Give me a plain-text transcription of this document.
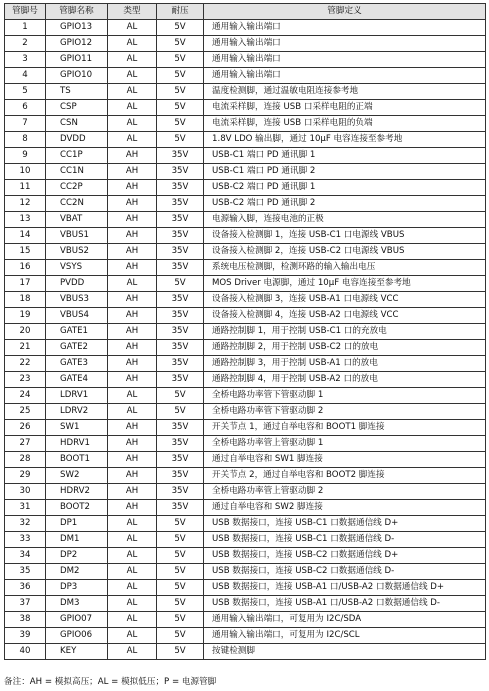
管脚号	管脚名称	类型	耐压	管脚定义
1	GPIO13	AL	5V	通用输入输出端口
2	GPIO12	AL	5V	通用输入输出端口
3	GPIO11	AL	5V	通用输入输出端口
4	GPIO10	AL	5V	通用输入输出端口
5	TS	AL	5V	温度检测脚，通过温敏电阻连接参考地
6	CSP	AL	5V	电流采样脚，连接 USB 口采样电阻的正端
7	CSN	AL	5V	电流采样脚，连接 USB 口采样电阻的负端
8	DVDD	AL	5V	1.8V LDO 输出脚，通过 10μF 电容连接至参考地
9	CC1P	AH	35V	USB-C1 端口 PD 通讯脚 1
10	CC1N	AH	35V	USB-C1 端口 PD 通讯脚 2
11	CC2P	AH	35V	USB-C2 端口 PD 通讯脚 1
12	CC2N	AH	35V	USB-C2 端口 PD 通讯脚 2
13	VBAT	AH	35V	电源输入脚，连接电池的正极
14	VBUS1	AH	35V	设备接入检测脚 1，连接 USB-C1 口电源线 VBUS
15	VBUS2	AH	35V	设备接入检测脚 2，连接 USB-C2 口电源线 VBUS
16	VSYS	AH	35V	系统电压检测脚，检测环路的输入输出电压
17	PVDD	AL	5V	MOS Driver 电源脚，通过 10μF 电容连接至参考地
18	VBUS3	AH	35V	设备接入检测脚 3，连接 USB-A1 口电源线 VCC
19	VBUS4	AH	35V	设备接入检测脚 4，连接 USB-A2 口电源线 VCC
20	GATE1	AH	35V	通路控制脚 1，用于控制 USB-C1 口的充放电
21	GATE2	AH	35V	通路控制脚 2，用于控制 USB-C2 口的放电
22	GATE3	AH	35V	通路控制脚 3，用于控制 USB-A1 口的放电
23	GATE4	AH	35V	通路控制脚 4，用于控制 USB-A2 口的放电
24	LDRV1	AL	5V	全桥电路功率管下管驱动脚 1
25	LDRV2	AL	5V	全桥电路功率管下管驱动脚 2
26	SW1	AH	35V	开关节点 1，通过自举电容和 BOOT1 脚连接
27	HDRV1	AH	35V	全桥电路功率管上管驱动脚 1
28	BOOT1	AH	35V	通过自举电容和 SW1 脚连接
29	SW2	AH	35V	开关节点 2，通过自举电容和 BOOT2 脚连接
30	HDRV2	AH	35V	全桥电路功率管上管驱动脚 2
31	BOOT2	AH	35V	通过自举电容和 SW2 脚连接
32	DP1	AL	5V	USB 数据接口，连接 USB-C1 口数据通信线 D+
33	DM1	AL	5V	USB 数据接口，连接 USB-C1 口数据通信线 D-
34	DP2	AL	5V	USB 数据接口，连接 USB-C2 口数据通信线 D+
35	DM2	AL	5V	USB 数据接口，连接 USB-C2 口数据通信线 D-
36	DP3	AL	5V	USB 数据接口，连接 USB-A1 口/USB-A2 口数据通信线 D+
37	DM3	AL	5V	USB 数据接口，连接 USB-A1 口/USB-A2 口数据通信线 D-
38	GPIO07	AL	5V	通用输入输出端口，可复用为 I2C/SDA
39	GPIO06	AL	5V	通用输入输出端口，可复用为 I2C/SCL
40	KEY	AL	5V	按键检测脚
备注：AH = 模拟高压；AL = 模拟低压；P = 电源管脚
